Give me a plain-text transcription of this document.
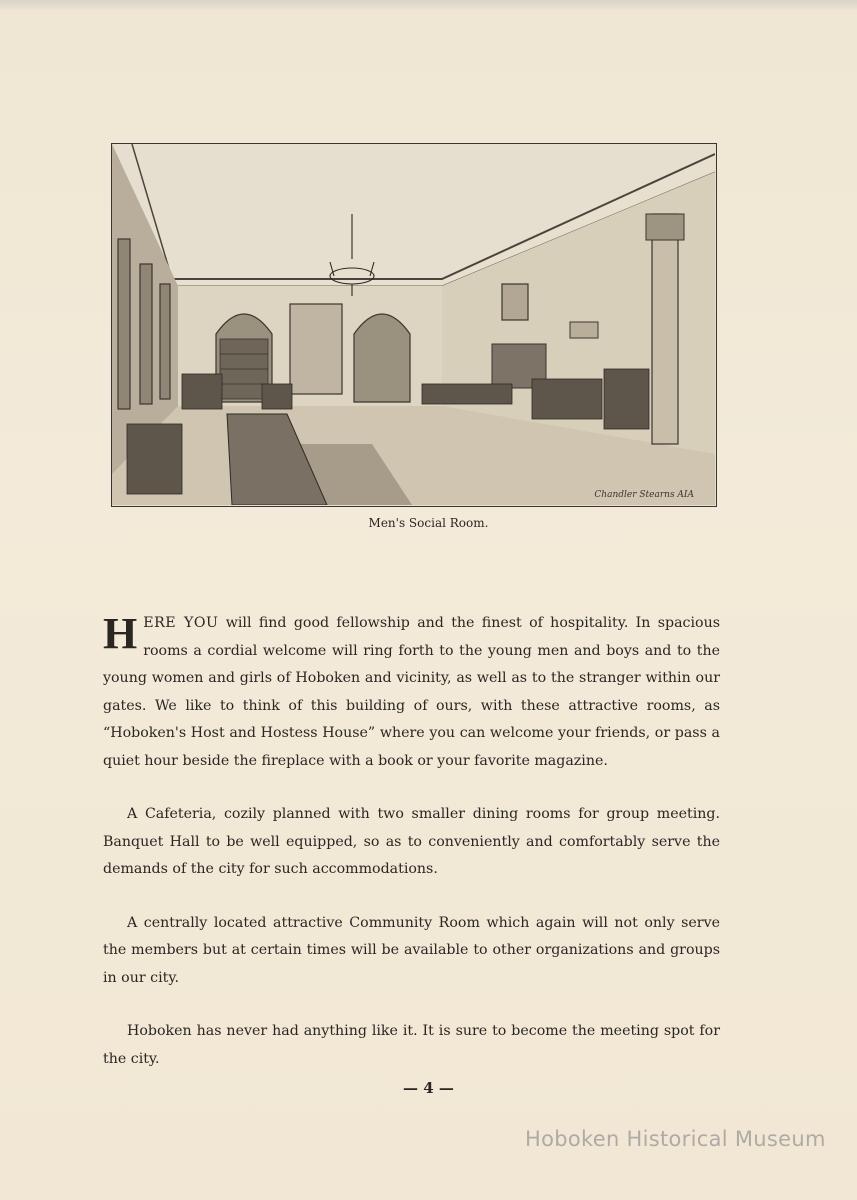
Chandler Stearns AIA
Men's Social Room.

HERE YOU will find good fellowship and the finest of hospitality. In spacious rooms a cordial welcome will ring forth to the young men and boys and to the young women and girls of Hoboken and vicinity, as well as to the stranger within our gates. We like to think of this building of ours, with these attractive rooms, as “Hoboken's Host and Hostess House” where you can welcome your friends, or pass a quiet hour beside the fireplace with a book or your favorite magazine.

A Cafeteria, cozily planned with two smaller dining rooms for group meeting. Banquet Hall to be well equipped, so as to conveniently and comfortably serve the demands of the city for such accommodations.

A centrally located attractive Community Room which again will not only serve the members but at certain times will be available to other organizations and groups in our city.

Hoboken has never had anything like it. It is sure to become the meeting spot for the city.

— 4 —
Hoboken Historical Museum
